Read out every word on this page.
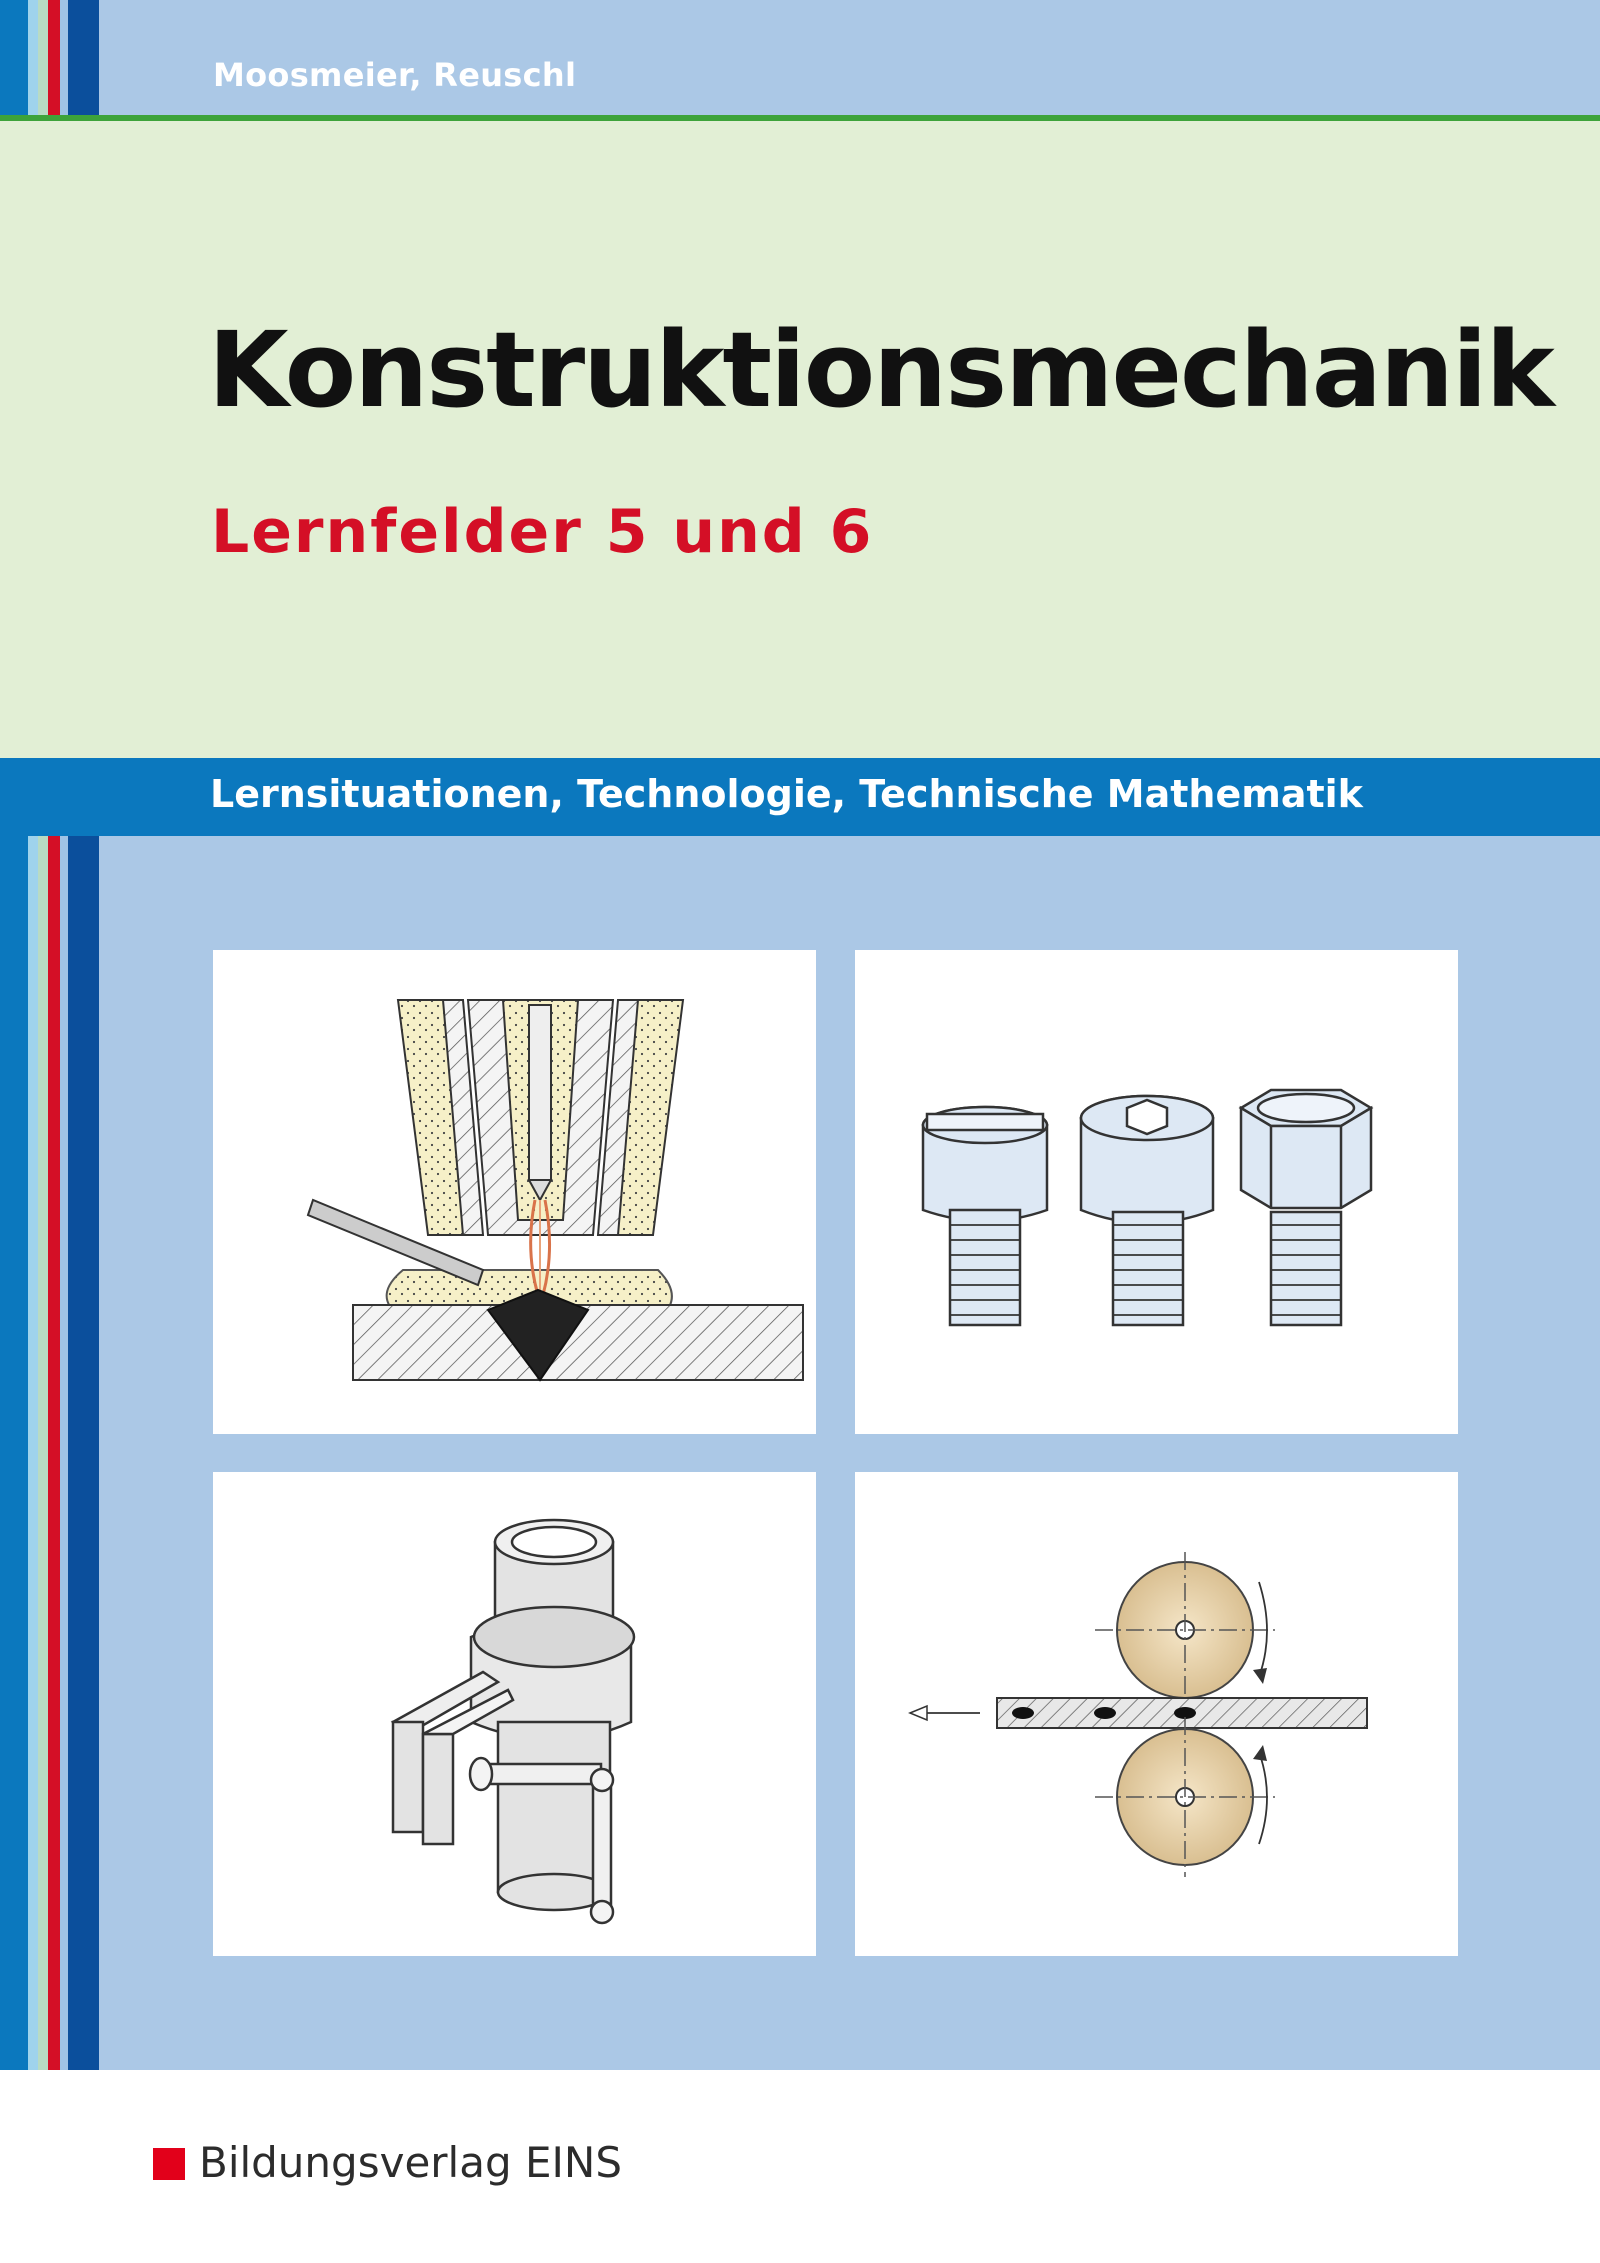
Moosmeier, Reuschl
Konstruktionsmechanik
Lernfelder 5 und 6
Lernsituationen, Technologie, Technische Mathematik
Bildungsverlag EINS
